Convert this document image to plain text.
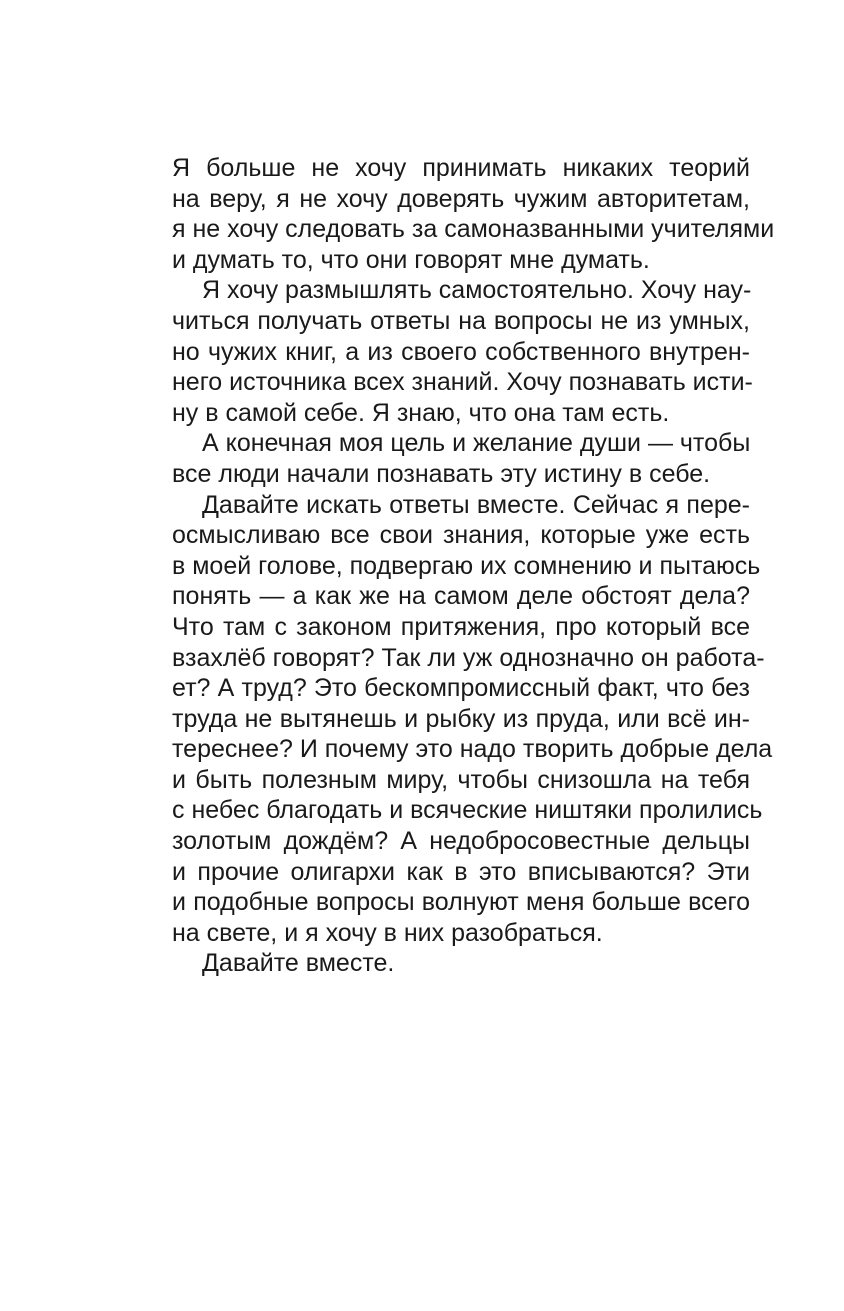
Я больше не хочу принимать никаких теорий
на веру, я не хочу доверять чужим авторитетам,
я не хочу следовать за самоназванными учителями
и думать то, что они говорят мне думать.

Я хочу размышлять самостоятельно. Хочу нау-
читься получать ответы на вопросы не из умных,
но чужих книг, а из своего собственного внутрен-
него источника всех знаний. Хочу познавать исти-
ну в самой себе. Я знаю, что она там есть.

А конечная моя цель и желание души — чтобы
все люди начали познавать эту истину в себе.

Давайте искать ответы вместе. Сейчас я пере-
осмысливаю все свои знания, которые уже есть
в моей голове, подвергаю их сомнению и пытаюсь
понять — а как же на самом деле обстоят дела?
Что там с законом притяжения, про который все
взахлёб говорят? Так ли уж однозначно он работа-
ет? А труд? Это бескомпромиссный факт, что без
труда не вытянешь и рыбку из пруда, или всё ин-
тереснее? И почему это надо творить добрые дела
и быть полезным миру, чтобы снизошла на тебя
с небес благодать и всяческие ништяки пролились
золотым дождём? А недобросовестные дельцы
и прочие олигархи как в это вписываются? Эти
и подобные вопросы волнуют меня больше всего
на свете, и я хочу в них разобраться.

Давайте вместе.
